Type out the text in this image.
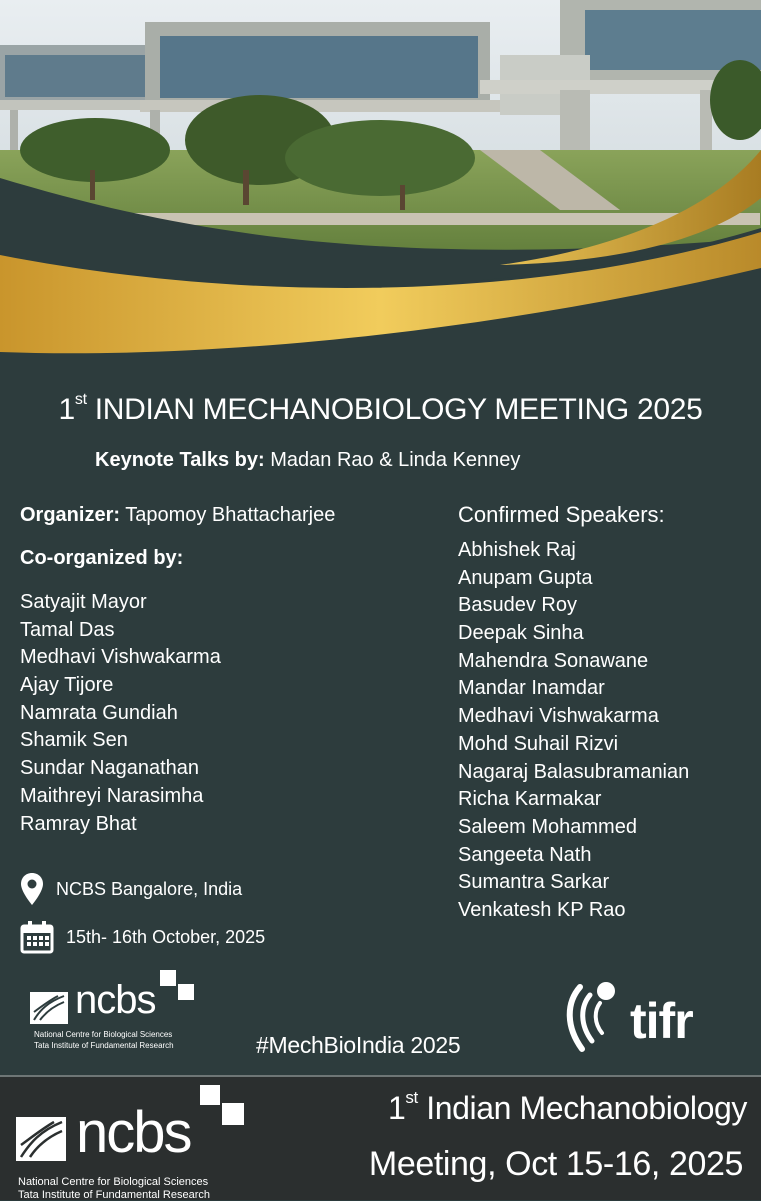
1st INDIAN MECHANOBIOLOGY MEETING 2025
Keynote Talks by: Madan Rao & Linda Kenney
Organizer: Tapomoy Bhattacharjee
Co-organized by:
Satyajit Mayor
Tamal Das
Medhavi Vishwakarma
Ajay Tijore
Namrata Gundiah
Shamik Sen
Sundar Naganathan
Maithreyi Narasimha
Ramray Bhat
Confirmed Speakers:
Abhishek Raj
Anupam Gupta
Basudev Roy
Deepak Sinha
Mahendra Sonawane
Mandar Inamdar
Medhavi Vishwakarma
Mohd Suhail Rizvi
Nagaraj Balasubramanian
Richa Karmakar
Saleem Mohammed
Sangeeta Nath
Sumantra Sarkar
Venkatesh KP Rao
NCBS Bangalore, India
15th- 16th October, 2025
ncbs
National Centre for Biological Sciences
Tata Institute of Fundamental Research	#MechBioIndia 2025	tifr
ncbs
National Centre for Biological Sciences
Tata Institute of Fundamental Research
1st Indian Mechanobiology
Meeting, Oct 15-16, 2025
